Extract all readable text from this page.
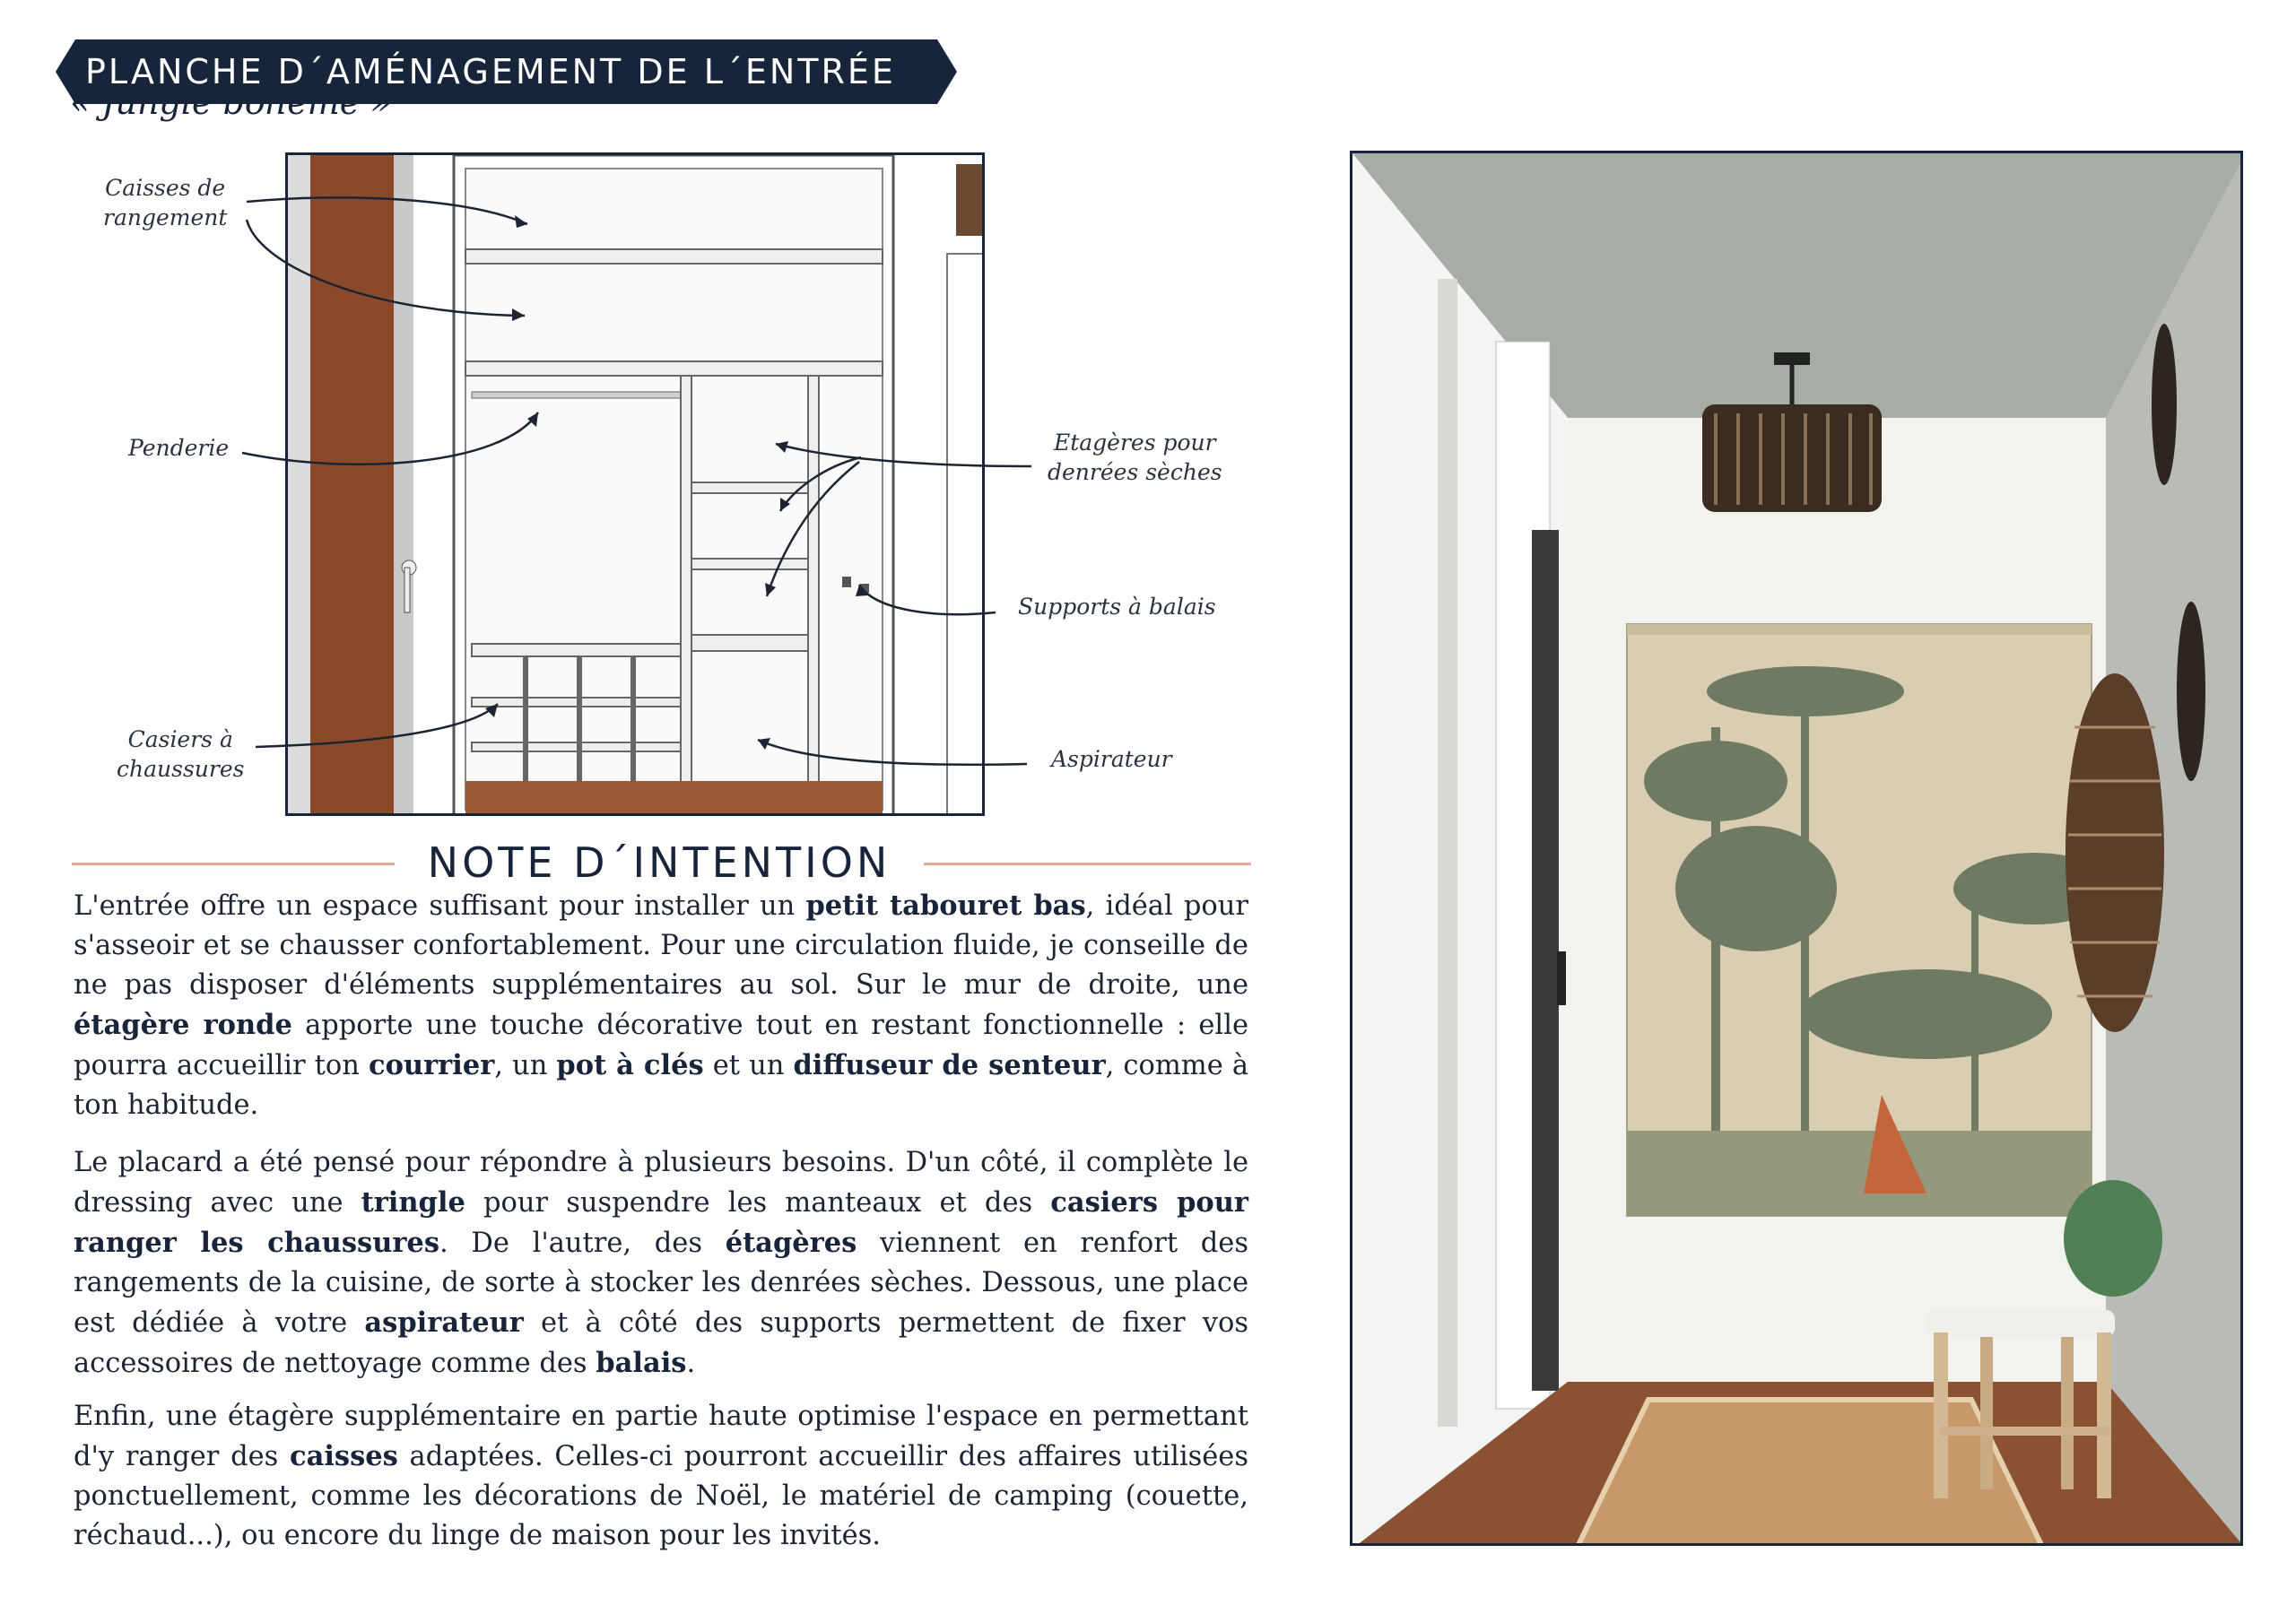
PLANCHE D´AMÉNAGEMENT DE L´ENTRÉE
« Jungle bohème »
Caisses de
rangement
Penderie
Casiers à
chaussures
Etagères pour
denrées sèches
Supports à balais
Aspirateur
NOTE D´INTENTION

L'entrée offre un espace suffisant pour installer un petit tabouret bas, idéal pour s'asseoir et se chausser confortablement. Pour une circulation fluide, je conseille de ne pas disposer d'éléments supplémentaires au sol. Sur le mur de droite, une étagère ronde apporte une touche décorative tout en restant fonctionnelle : elle pourra accueillir ton courrier, un pot à clés et un diffuseur de senteur, comme à ton habitude.

Le placard a été pensé pour répondre à plusieurs besoins. D'un côté, il complète le dressing avec une tringle pour suspendre les manteaux et des casiers pour ranger les chaussures. De l'autre, des étagères viennent en renfort des rangements de la cuisine, de sorte à stocker les denrées sèches. Dessous, une place est dédiée à votre aspirateur et à côté des supports permettent de fixer vos accessoires de nettoyage comme des balais.

Enfin, une étagère supplémentaire en partie haute optimise l'espace en permettant d'y ranger des caisses adaptées. Celles-ci pourront accueillir des affaires utilisées ponctuellement, comme les décorations de Noël, le matériel de camping (couette, réchaud...), ou encore du linge de maison pour les invités.
